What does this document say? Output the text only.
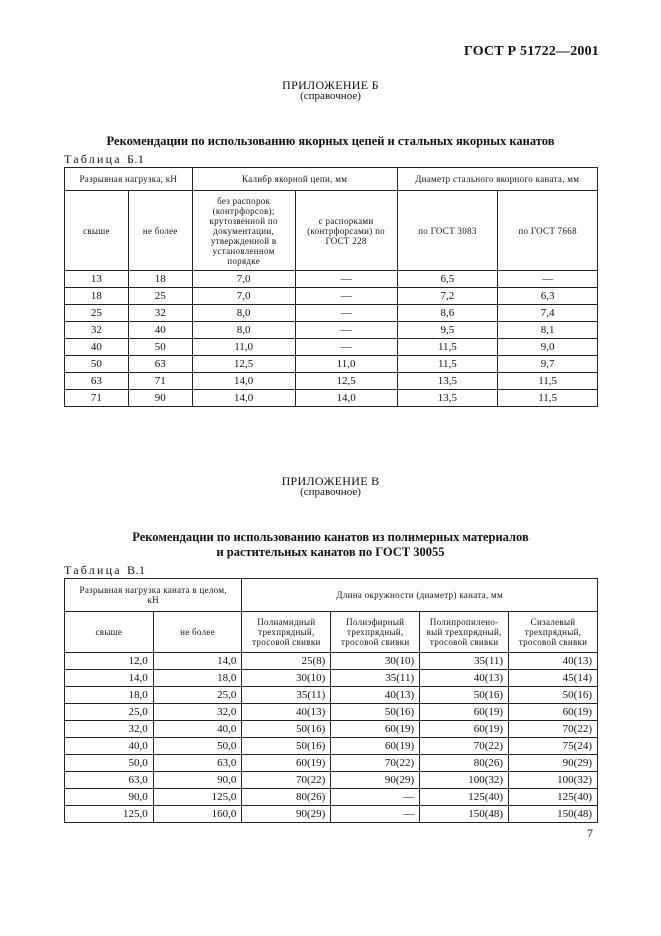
ГОСТ Р 51722—2001
ПРИЛОЖЕНИЕ Б
(справочное)
Рекомендации по использованию якорных цепей и стальных якорных канатов
Таблица Б.1
Разрывная нагрузка, кН		Калибр якорной цепи, мм		Диаметр стального якорного каната, мм	
свыше	не более	без распорок (контрфорсов); крутозвенной по документации, утвержденной в установленном порядке	с распорками (контрфорсами) по ГОСТ 228	по ГОСТ 3083	по ГОСТ 7668
13	18	7,0	—	6,5	—
18	25	7,0	—	7,2	6,3
25	32	8,0	—	8,6	7,4
32	40	8,0	—	9,5	8,1
40	50	11,0	—	11,5	9,0
50	63	12,5	11,0	11,5	9,7
63	71	14,0	12,5	13,5	11,5
71	90	14,0	14,0	13,5	11,5
ПРИЛОЖЕНИЕ В
(справочное)
Рекомендации по использованию канатов из полимерных материалов
и растительных канатов по ГОСТ 30055
Таблица В.1
Разрывная нагрузка каната в целом, кН		Длина окружности (диаметр) каната, мм			
свыше	не более	Полиамидный трехпрядный, тросовой свивки	Полиэфирный трехпрядный, тросовой свивки	Полипропилено-вый трехпрядный, тросовой свивки	Сизалевый трехпрядный, тросовой свивки
12,0	14,0	25(8)	30(10)	35(11)	40(13)
14,0	18,0	30(10)	35(11)	40(13)	45(14)
18,0	25,0	35(11)	40(13)	50(16)	50(16)
25,0	32,0	40(13)	50(16)	60(19)	60(19)
32,0	40,0	50(16)	60(19)	60(19)	70(22)
40,0	50,0	50(16)	60(19)	70(22)	75(24)
50,0	63,0	60(19)	70(22)	80(26)	90(29)
63,0	90,0	70(22)	90(29)	100(32)	100(32)
90,0	125,0	80(26)	—	125(40)	125(40)
125,0	160,0	90(29)	—	150(48)	150(48)
7
